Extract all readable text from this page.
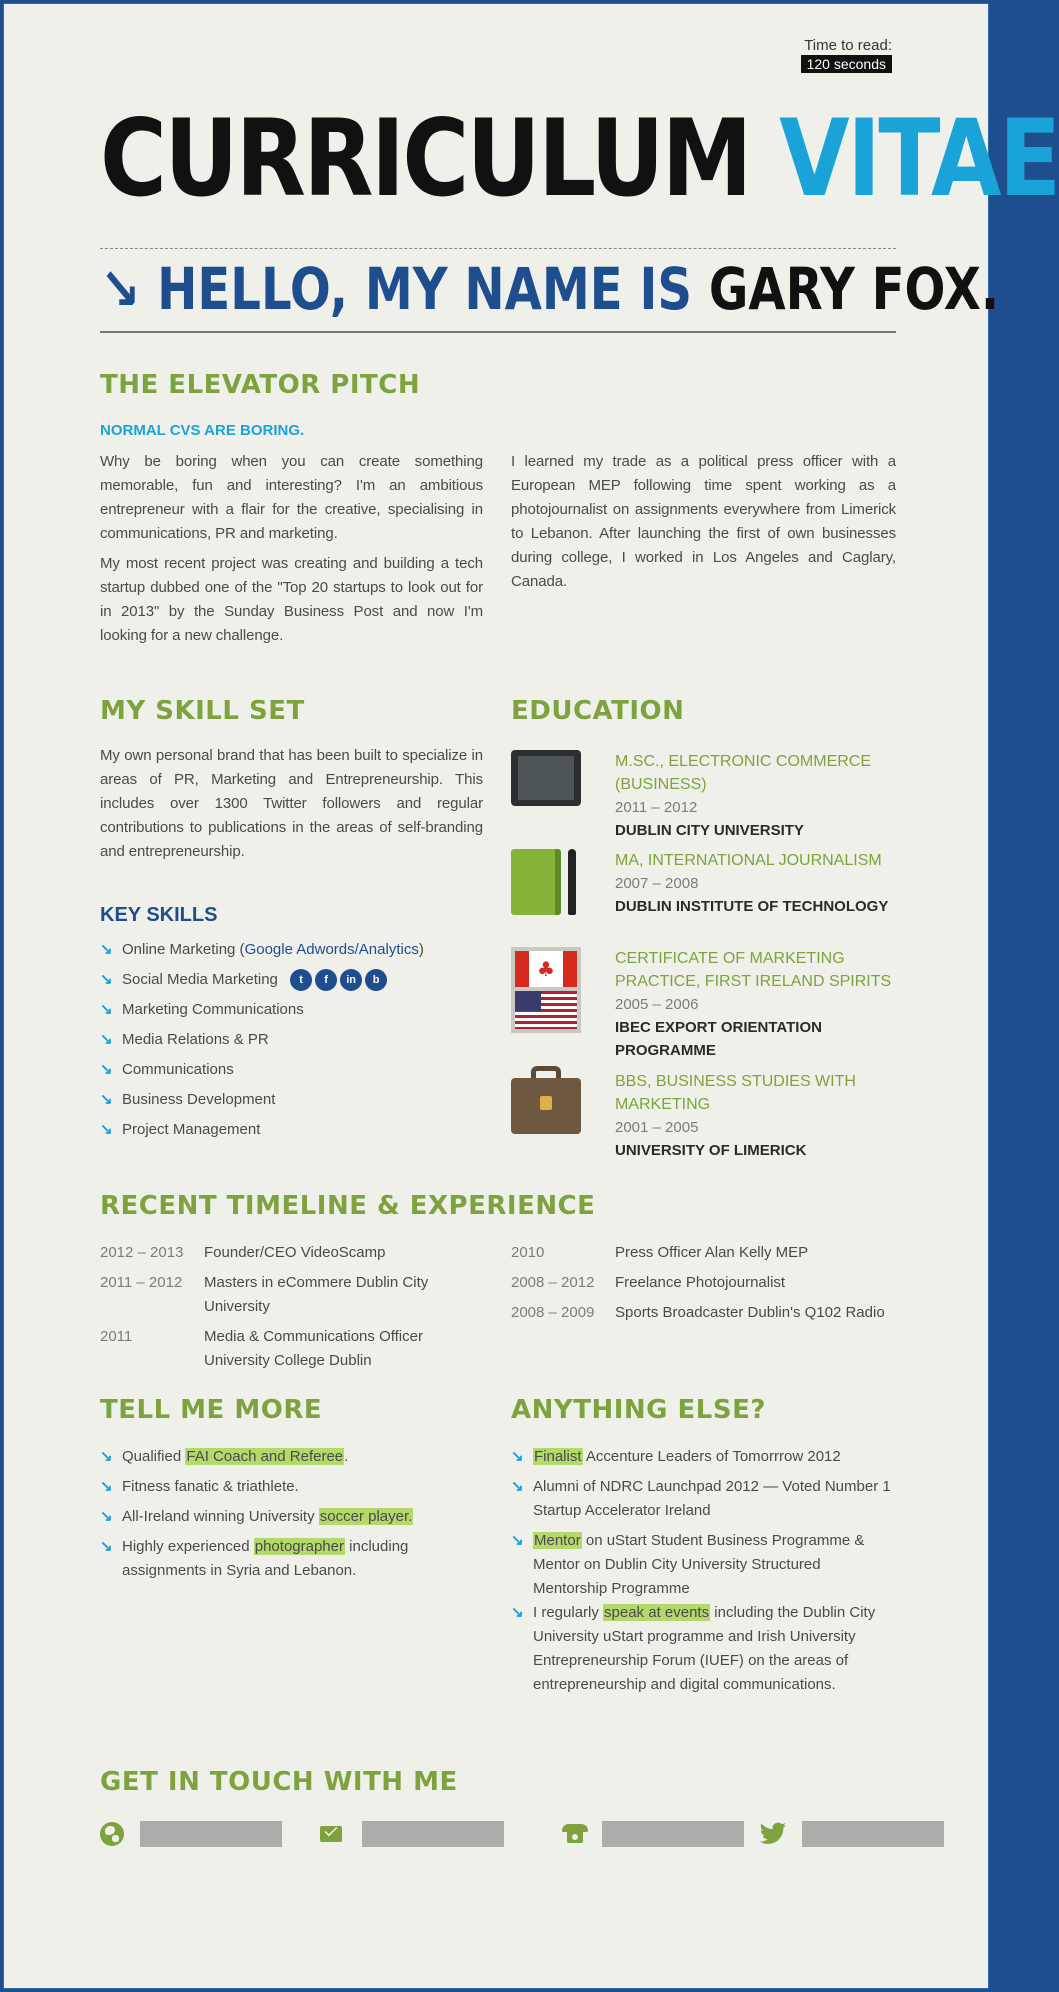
Time to read:
120 seconds
CURRICULUM VITAE
↘ HELLO, MY NAME IS GARY FOX.
THE ELEVATOR PITCH
NORMAL CVS ARE BORING.
Why be boring when you can create something memorable, fun and interesting? I'm an ambitious entrepreneur with a flair for the creative, specialising in communications, PR and marketing.
My most recent project was creating and building a tech startup dubbed one of the "Top 20 startups to look out for in 2013" by the Sunday Business Post and now I'm looking for a new challenge.
I learned my trade as a political press officer with a European MEP following time spent working as a photojournalist on assignments everywhere from Limerick to Lebanon. After launching the first of own businesses during college, I worked in Los Angeles and Caglary, Canada.
MY SKILL SET
My own personal brand that has been built to specialize in areas of PR, Marketing and Entrepreneurship. This includes over 1300 Twitter followers and regular contributions to publications in the areas of self-branding and entrepreneurship.
KEY SKILLS
↘ Online Marketing (Google Adwords/Analytics)
↘ Social Media Marketing	t	f	in	b
↘ Marketing Communications
↘ Media Relations & PR
↘ Communications
↘ Business Development
↘ Project Management
EDUCATION
M.SC., ELECTRONIC COMMERCE (BUSINESS)
2011 – 2012
DUBLIN CITY UNIVERSITY
MA, INTERNATIONAL JOURNALISM
2007 – 2008
DUBLIN INSTITUTE OF TECHNOLOGY
♣	CERTIFICATE OF MARKETING PRACTICE, FIRST IRELAND SPIRITS
2005 – 2006
IBEC EXPORT ORIENTATION PROGRAMME
BBS, BUSINESS STUDIES WITH MARKETING
2001 – 2005
UNIVERSITY OF LIMERICK
RECENT TIMELINE & EXPERIENCE
2012 – 2013	Founder/CEO VideoScamp
2011 – 2012	Masters in eCommere Dublin City University
2011	Media & Communications Officer University College Dublin
2010	Press Officer Alan Kelly MEP
2008 – 2012	Freelance Photojournalist
2008 – 2009	Sports Broadcaster Dublin's Q102 Radio
TELL ME MORE
↘ Qualified FAI Coach and Referee.
↘ Fitness fanatic & triathlete.
↘ All-Ireland winning University soccer player.
↘ Highly experienced photographer including assignments in Syria and Lebanon.
ANYTHING ELSE?
↘ Finalist Accenture Leaders of Tomorrrow 2012
↘ Alumni of NDRC Launchpad 2012 — Voted Number 1 Startup Accelerator Ireland
↘ Mentor on uStart Student Business Programme & Mentor on Dublin City University Structured Mentorship Programme
↘ I regularly speak at events including the Dublin City University uStart programme and Irish University Entrepreneurship Forum (IUEF) on the areas of entrepreneurship and digital communications.
GET IN TOUCH WITH ME
